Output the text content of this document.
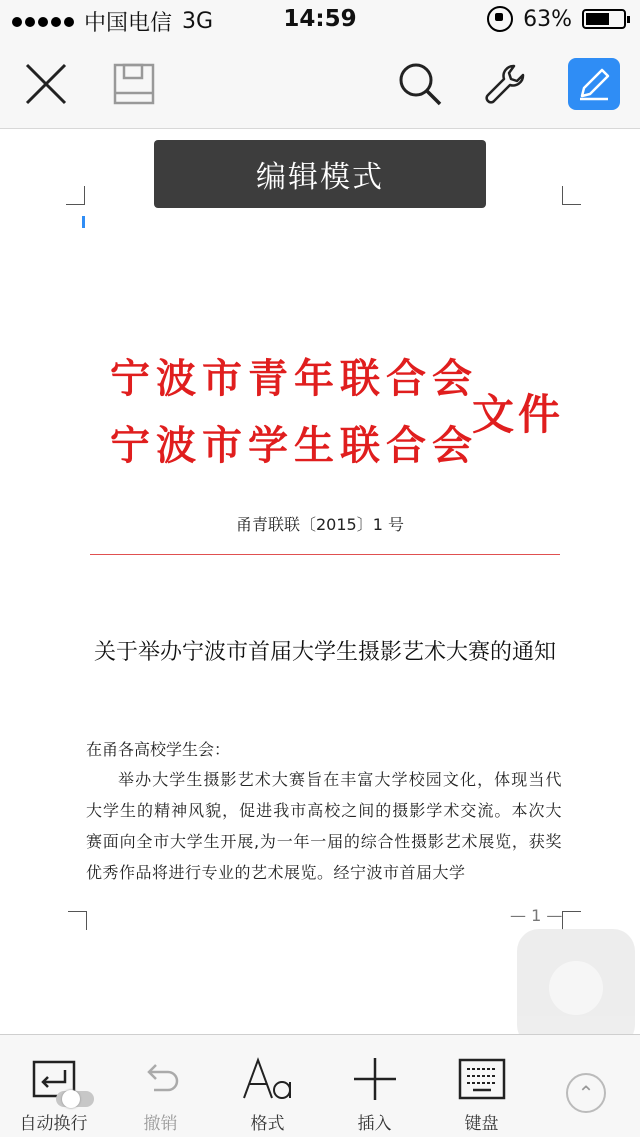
中国电信 3G	14:59	63%
编辑模式
宁波市青年联合会
宁波市学生联合会
文件
甬青联联〔2015〕1 号
关于举办宁波市首届大学生摄影艺术大赛的通知
在甬各高校学生会：
举办大学生摄影艺术大赛旨在丰富大学校园文化，体现当代大学生的精神风貌，促进我市高校之间的摄影学术交流。本次大赛面向全市大学生开展,为一年一届的综合性摄影艺术展览，获奖优秀作品将进行专业的艺术展览。经宁波市首届大学
— 1 —
自动换行	撤销	格式	插入	键盘
⌃
